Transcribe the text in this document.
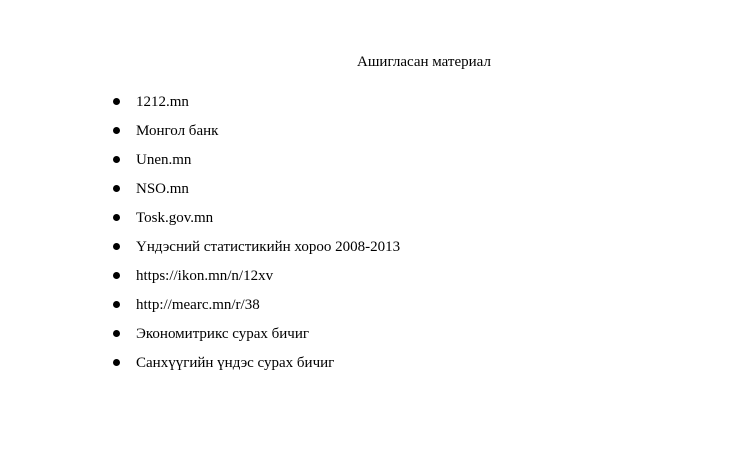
Ашигласан материал
1212.mn
Монгол банк
Unen.mn
NSO.mn
Tosk.gov.mn
Үндэсний статистикийн хороо 2008-2013
https://ikon.mn/n/12xv
http://mearc.mn/r/38
Экономитрикс сурах бичиг
Санхүүгийн үндэс сурах бичиг
